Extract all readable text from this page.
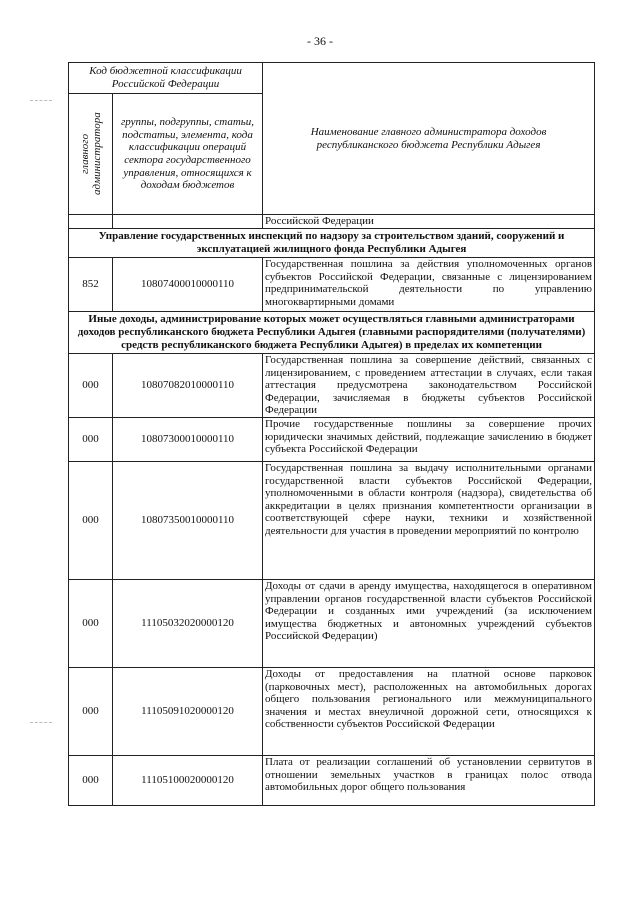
- 36 -
Код бюджетной классификации Российской Федерации		Наименование главного администратора доходов республиканского бюджета Республики Адыгея

главного администратора	группы, подгруппы, статьи, подстатьи, элемента, кода классификации операций сектора государственного управления, относящихся к доходам бюджетов	
		Российской Федерации
Управление государственных инспекций по надзору за строительством зданий, сооружений и эксплуатацией жилищного фонда Республики Адыгея		
852	10807400010000110	Государственная пошлина за действия уполномоченных органов субъектов Российской Федерации, связанные с лицензированием предпринимательской деятельности по управлению многоквартирными домами
Иные доходы, администрирование которых может осуществляться главными администраторами доходов республиканского бюджета Республики Адыгея (главными распорядителями (получателями) средств республиканского бюджета Республики Адыгея) в пределах их компетенции		
000	10807082010000110	Государственная пошлина за совершение действий, связанных с лицензированием, с проведением аттестации в случаях, если такая аттестация предусмотрена законодательством Российской Федерации, зачисляемая в бюджеты субъектов Российской Федерации
000	10807300010000110	Прочие государственные пошлины за совершение прочих юридически значимых действий, подлежащие зачислению в бюджет субъекта Российской Федерации
000	10807350010000110	Государственная пошлина за выдачу исполнительными органами государственной власти субъектов Российской Федерации, уполномоченными в области контроля (надзора), свидетельства об аккредитации в целях признания компетентности организации в соответствующей сфере науки, техники и хозяйственной деятельности для участия в проведении мероприятий по контролю
000	11105032020000120	Доходы от сдачи в аренду имущества, находящегося в оперативном управлении органов государственной власти субъектов Российской Федерации и созданных ими учреждений (за исключением имущества бюджетных и автономных учреждений субъектов Российской Федерации)
000	11105091020000120	Доходы от предоставления на платной основе парковок (парковочных мест), расположенных на автомобильных дорогах общего пользования регионального или межмуниципального значения и местах внеуличной дорожной сети, относящихся к собственности субъектов Российской Федерации
000	11105100020000120	Плата от реализации соглашений об установлении сервитутов в отношении земельных участков в границах полос отвода автомобильных дорог общего пользования
